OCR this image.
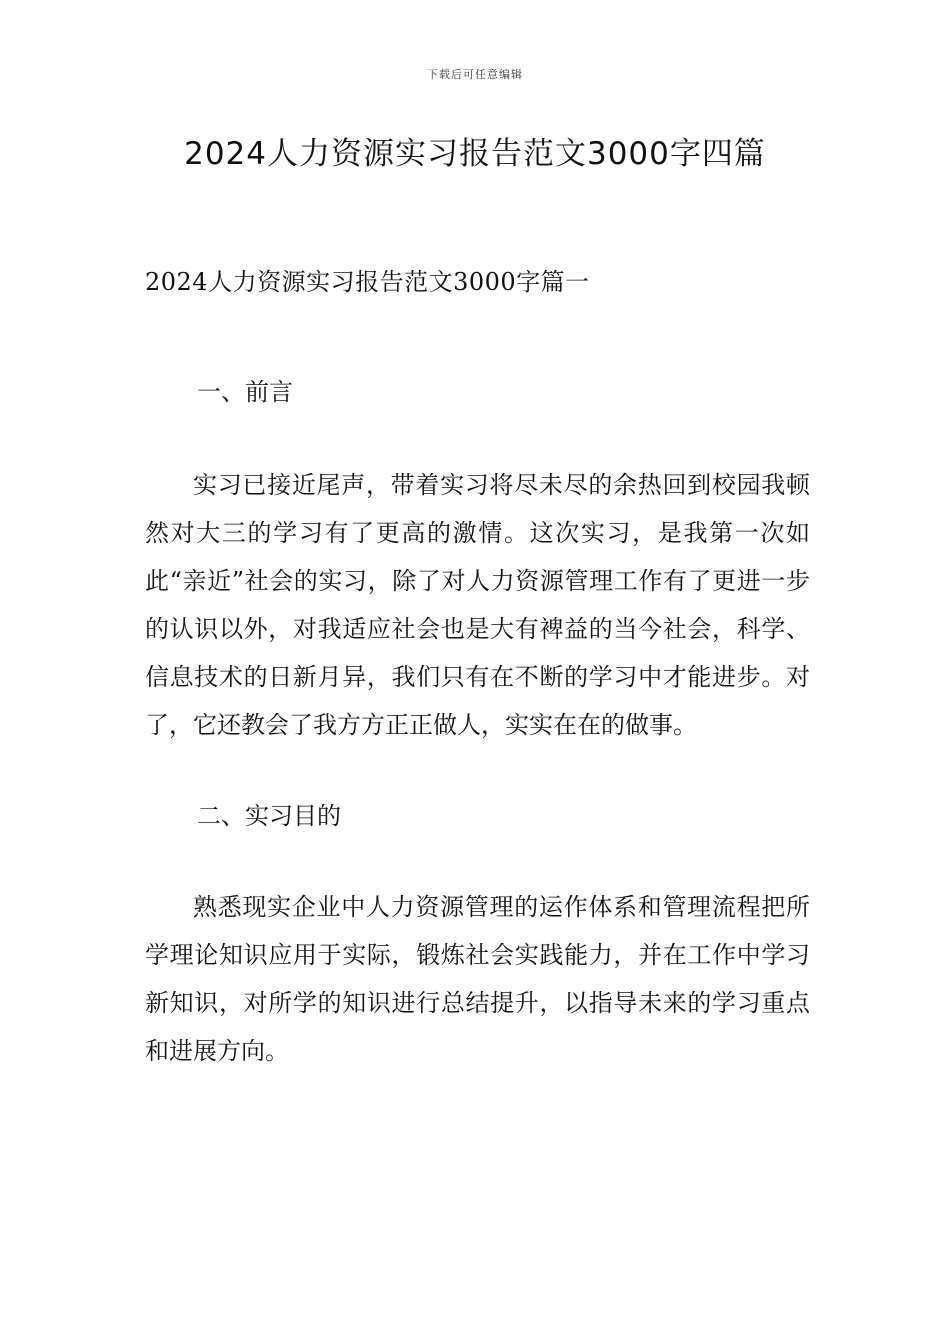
下载后可任意编辑
2024人力资源实习报告范文3000字四篇

2024人力资源实习报告范文3000字篇一

一、前言

实习已接近尾声，带着实习将尽未尽的余热回到校园我顿然对大三的学习有了更高的激情。这次实习，是我第一次如此“亲近”社会的实习，除了对人力资源管理工作有了更进一步的认识以外，对我适应社会也是大有裨益的当今社会，科学、信息技术的日新月异，我们只有在不断的学习中才能进步。对了，它还教会了我方方正正做人，实实在在的做事。

二、实习目的

熟悉现实企业中人力资源管理的运作体系和管理流程把所学理论知识应用于实际，锻炼社会实践能力，并在工作中学习新知识，对所学的知识进行总结提升，以指导未来的学习重点和进展方向。
